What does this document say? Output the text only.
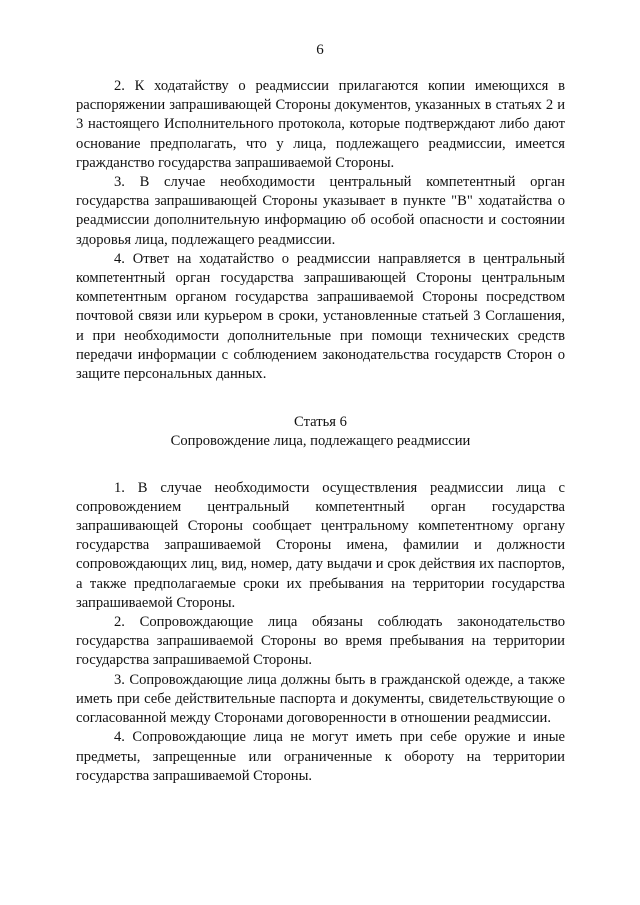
6

2. К ходатайству о реадмиссии прилагаются копии имеющихся в распоряжении запрашивающей Стороны документов, указанных в статьях 2 и 3 настоящего Исполнительного протокола, которые подтверждают либо дают основание предполагать, что у лица, подлежащего реадмиссии, имеется гражданство государства запрашиваемой Стороны.

3. В случае необходимости центральный компетентный орган государства запрашивающей Стороны указывает в пункте "В" ходатайства о реадмиссии дополнительную информацию об особой опасности и состоянии здоровья лица, подлежащего реадмиссии.

4. Ответ на ходатайство о реадмиссии направляется в центральный компетентный орган государства запрашивающей Стороны центральным компетентным органом государства запрашиваемой Стороны посредством почтовой связи или курьером в сроки, установленные статьей 3 Соглашения, и при необходимости дополнительные при помощи технических средств передачи информации с соблюдением законодательства государств Сторон о защите персональных данных.

Статья 6

Сопровождение лица, подлежащего реадмиссии

1. В случае необходимости осуществления реадмиссии лица с сопровождением центральный компетентный орган государства запрашивающей Стороны сообщает центральному компетентному органу государства запрашиваемой Стороны имена, фамилии и должности сопровождающих лиц, вид, номер, дату выдачи и срок действия их паспортов, а также предполагаемые сроки их пребывания на территории государства запрашиваемой Стороны.

2. Сопровождающие лица обязаны соблюдать законодательство государства запрашиваемой Стороны во время пребывания на территории государства запрашиваемой Стороны.

3. Сопровождающие лица должны быть в гражданской одежде, а также иметь при себе действительные паспорта и документы, свидетельствующие о согласованной между Сторонами договоренности в отношении реадмиссии.

4. Сопровождающие лица не могут иметь при себе оружие и иные предметы, запрещенные или ограниченные к обороту на территории государства запрашиваемой Стороны.
